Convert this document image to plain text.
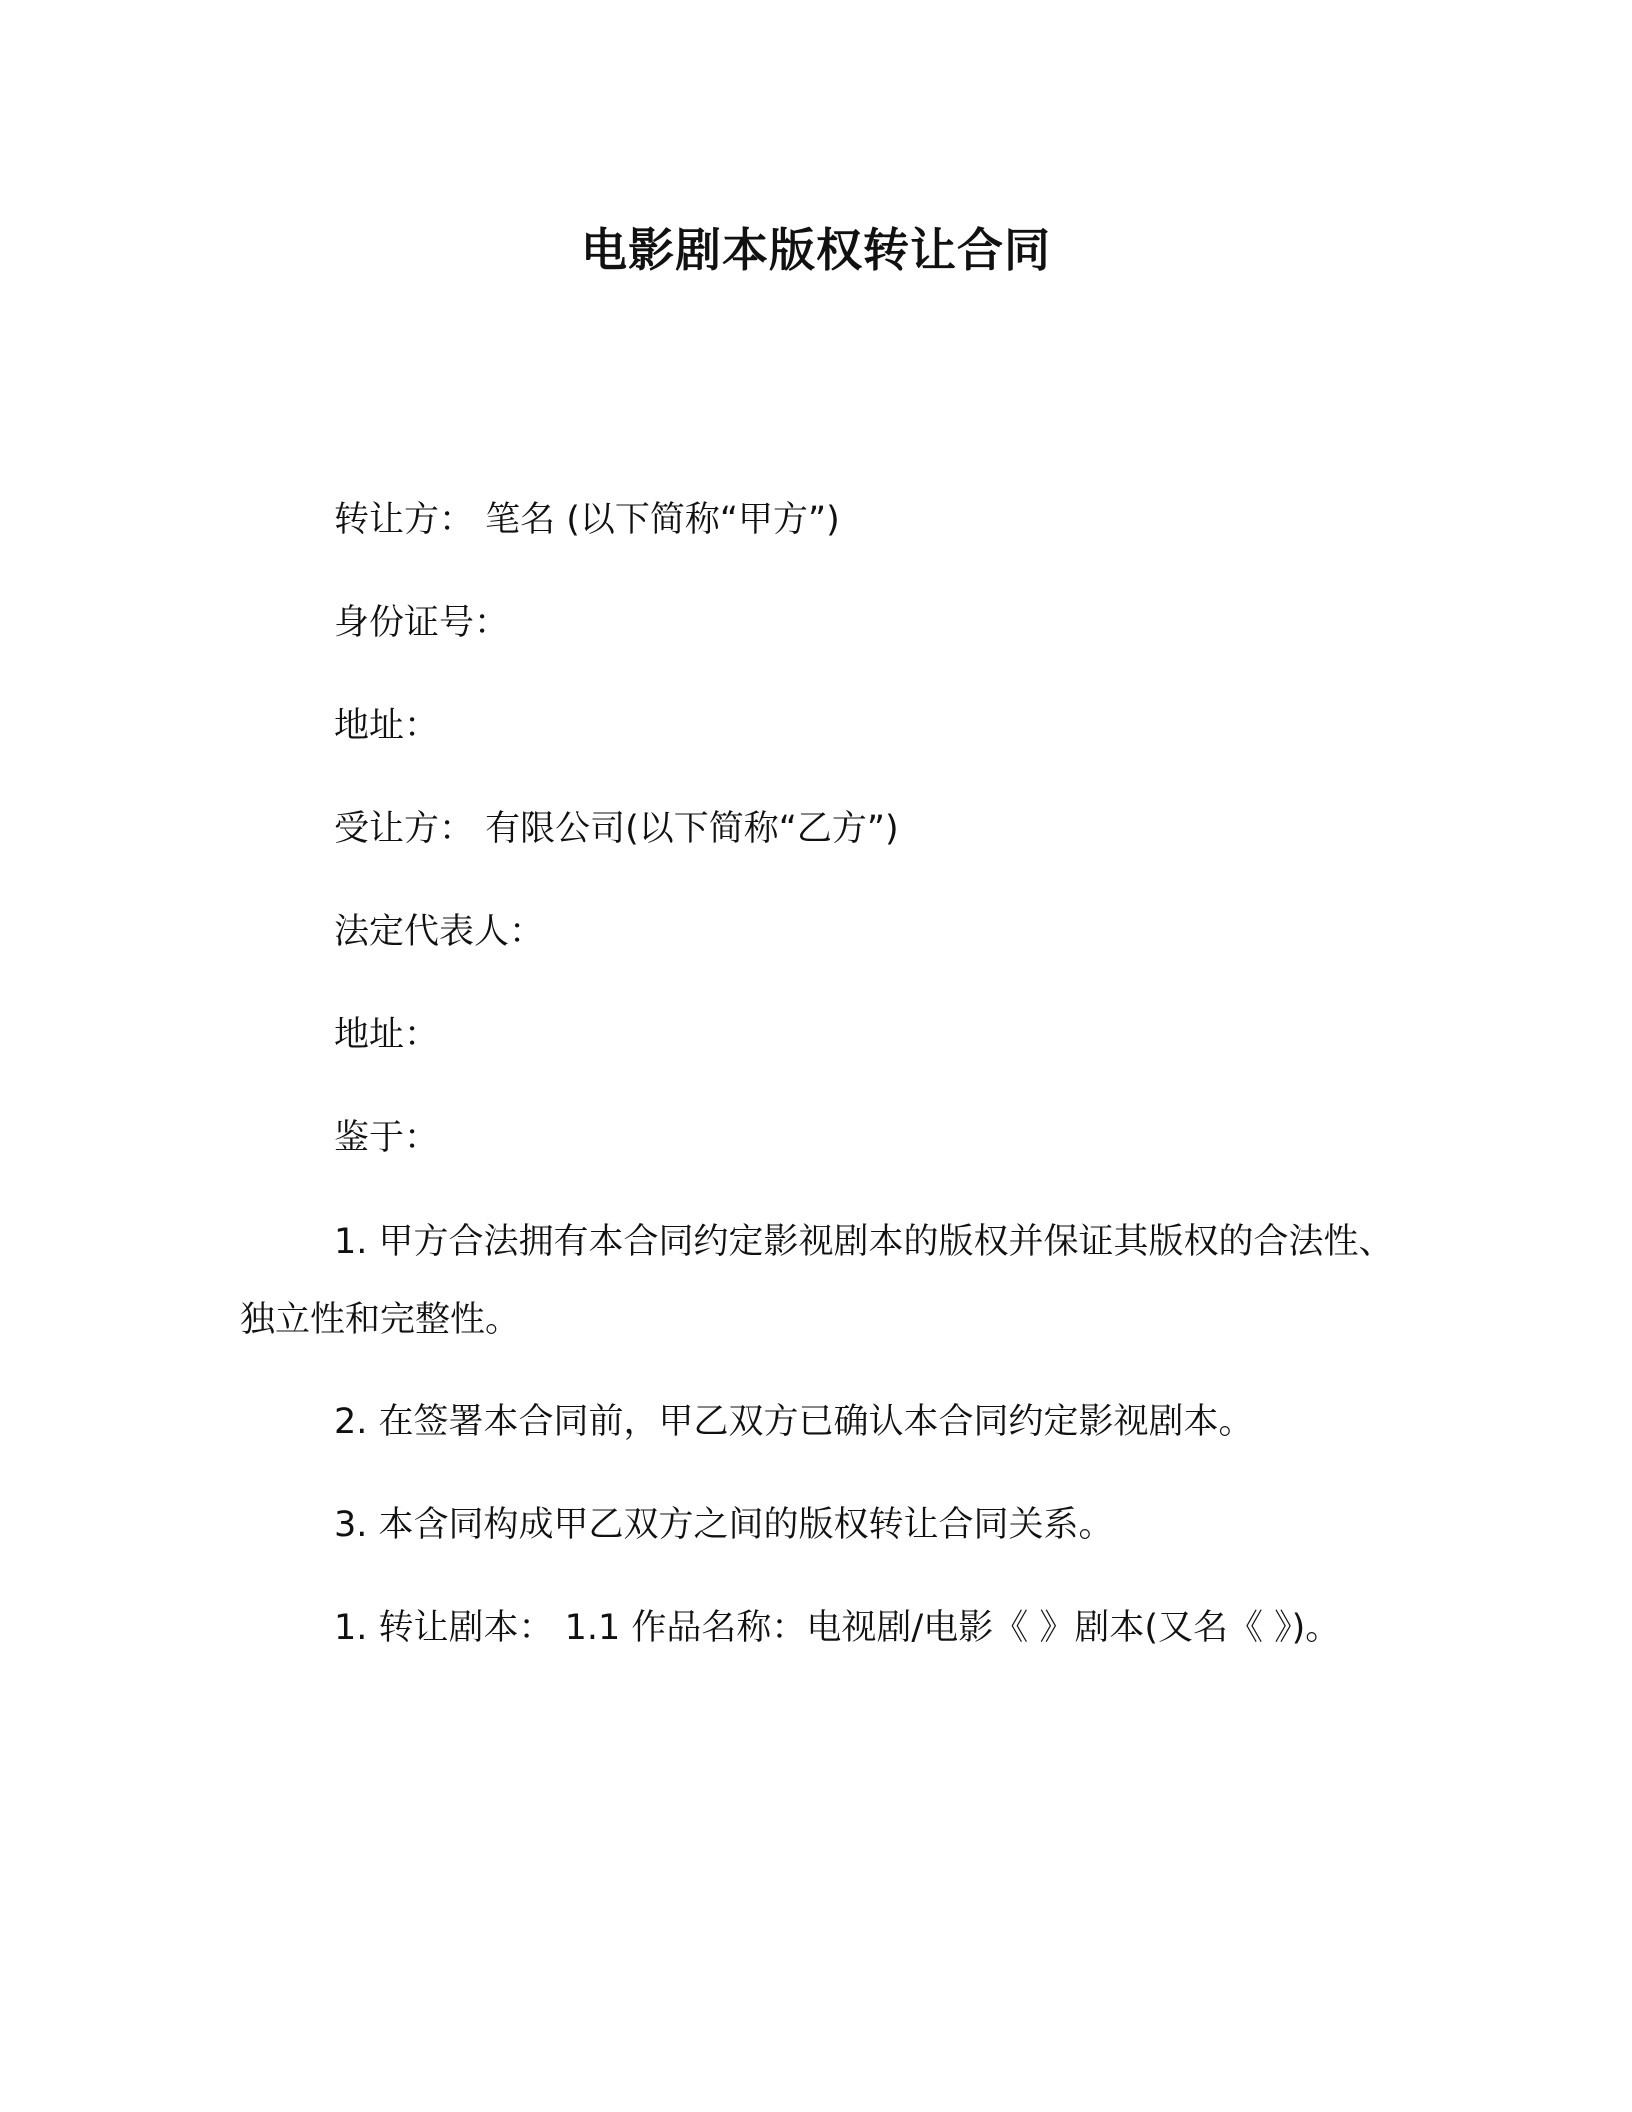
电影剧本版权转让合同
转让方： 笔名 (以下简称“甲方”)
身份证号：
地址：
受让方： 有限公司(以下简称“乙方”)
法定代表人：
地址：
鉴于：
1. 甲方合法拥有本合同约定影视剧本的版权并保证其版权的合法性、独立性和完整性。
2. 在签署本合同前，甲乙双方已确认本合同约定影视剧本。
3. 本含同构成甲乙双方之间的版权转让合同关系。
1. 转让剧本： 1.1 作品名称：电视剧/电影《 》剧本(又名《 》)。
